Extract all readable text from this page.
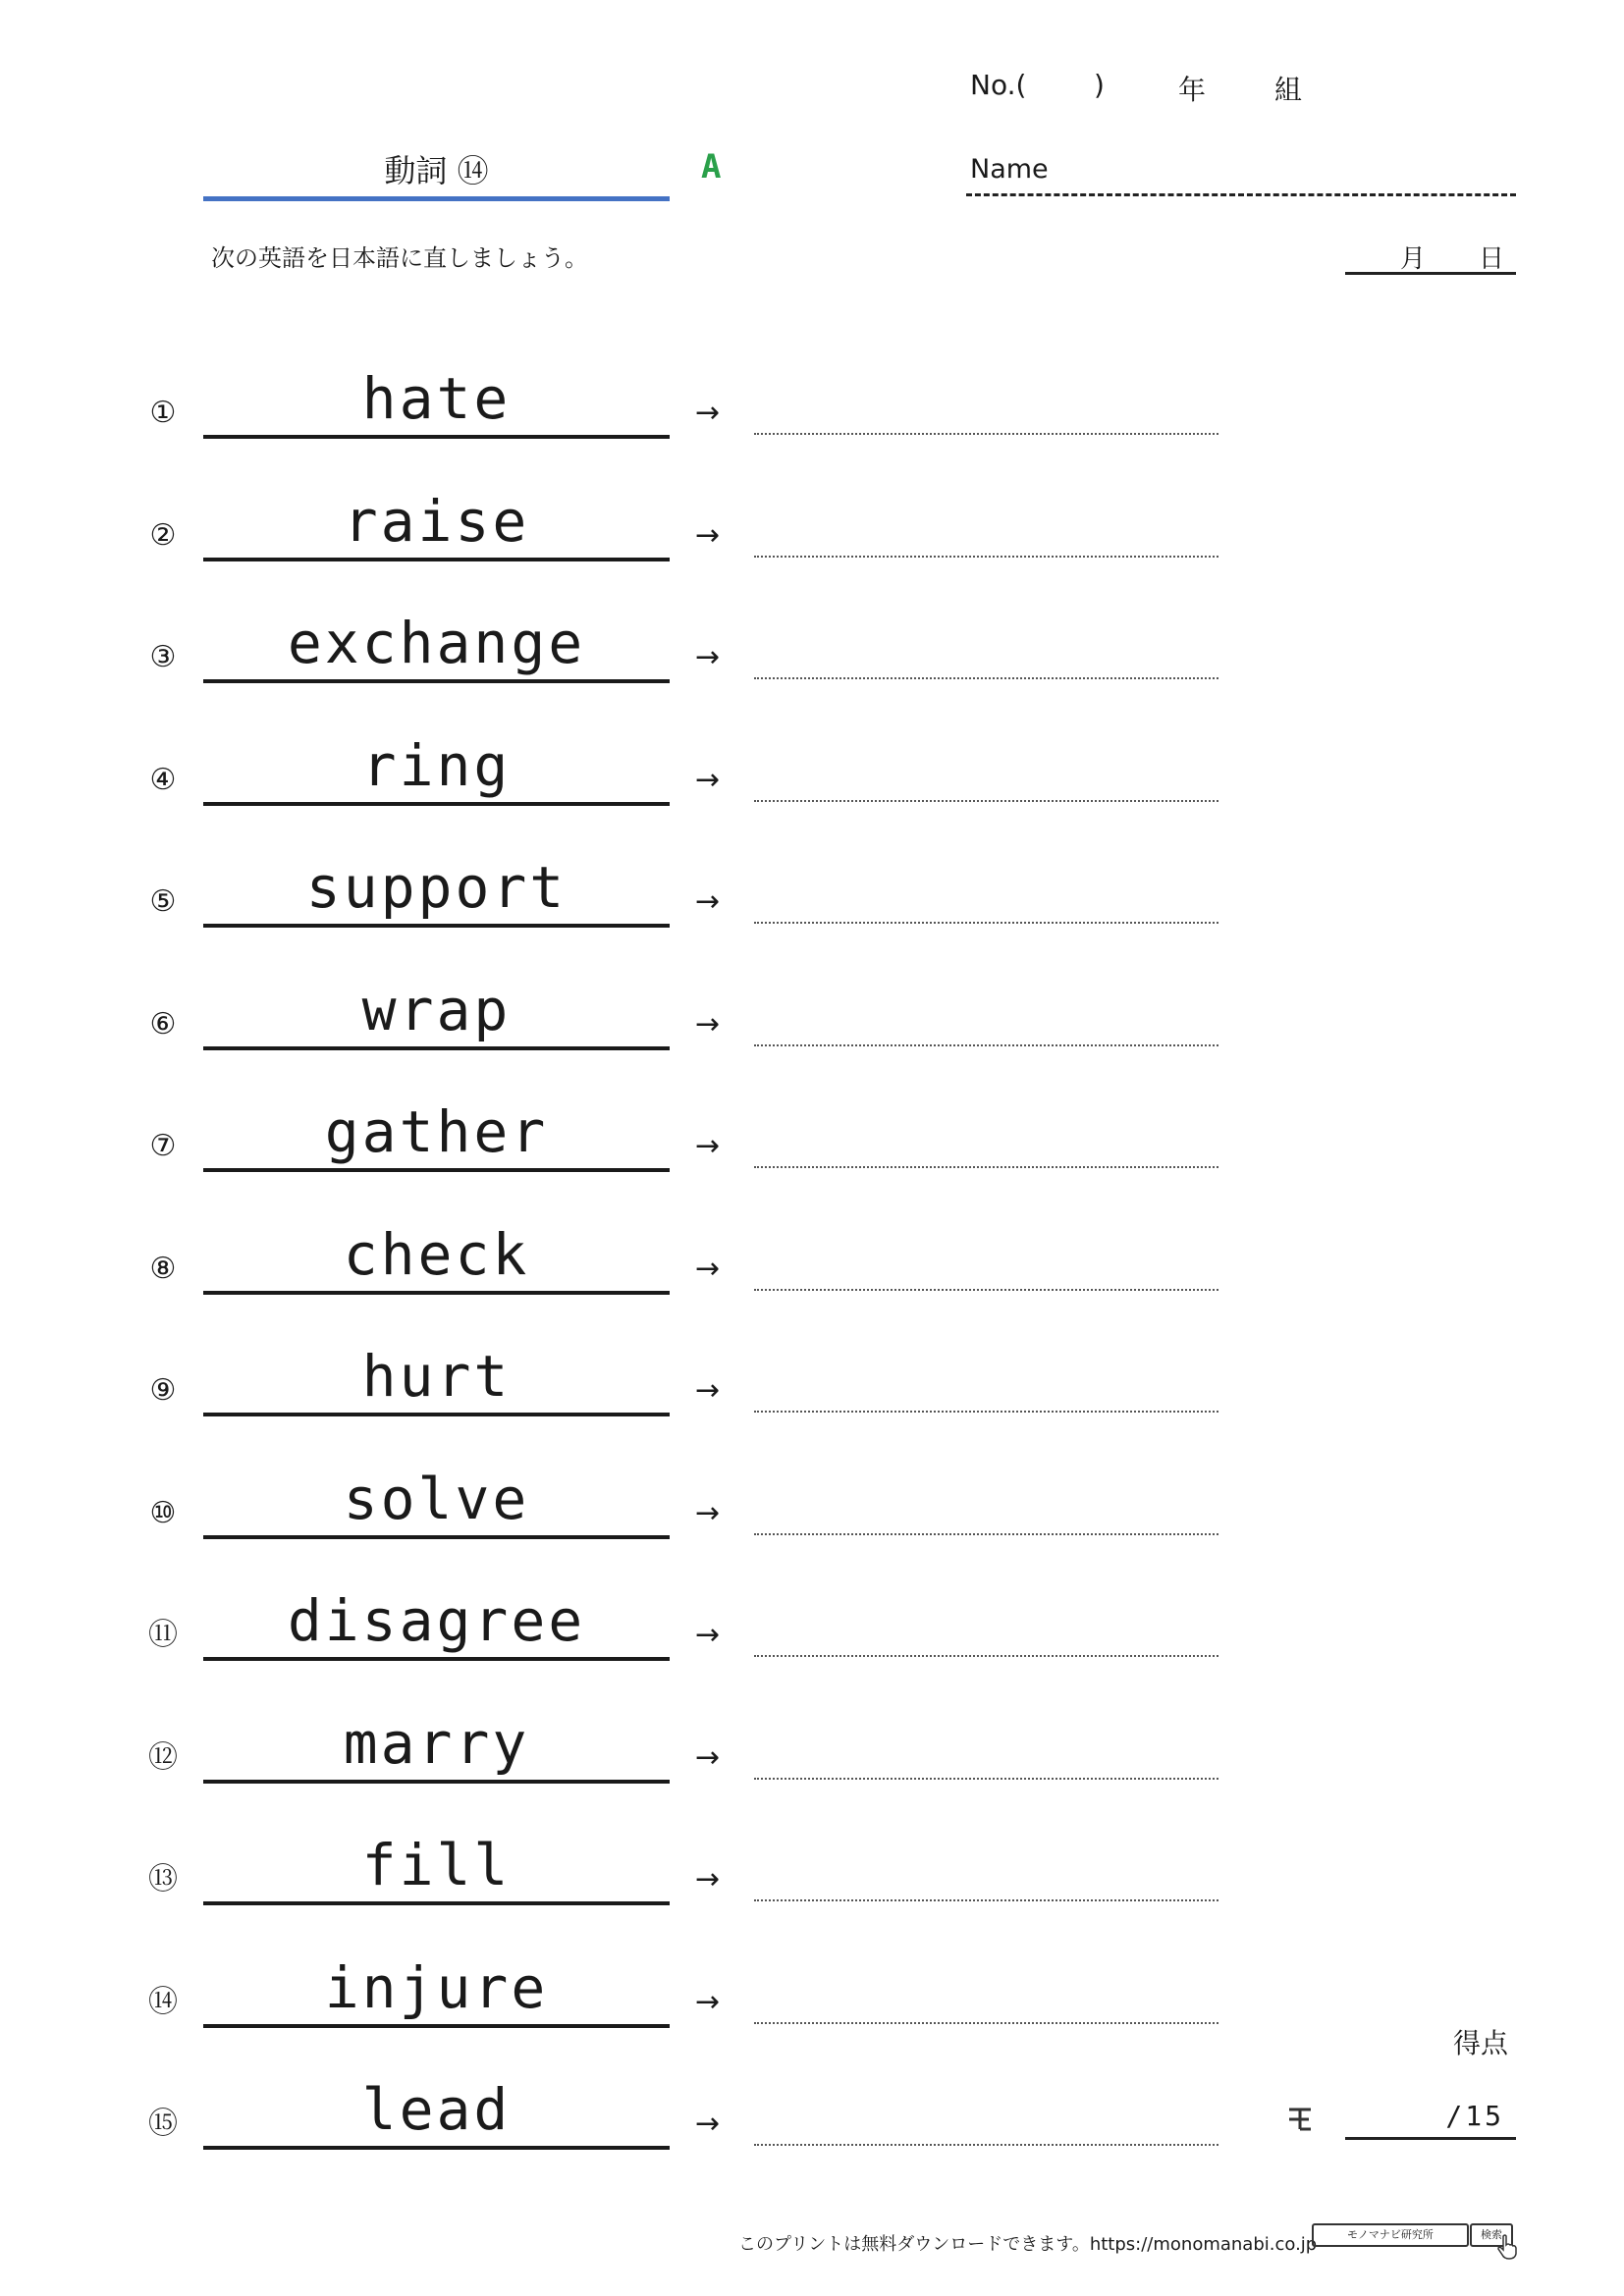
No.( )	年 組
動詞 ⑭	A	Name
次の英語を日本語に直しましょう。	月 日
①	hate	→
②	raise	→
③	exchange	→
④	ring	→
⑤	support	→
⑥	wrap	→
⑦	gather	→
⑧	check	→
⑨	hurt	→
⑩	solve	→
⑪	disagree	→
⑫	marry	→
⑬	fill	→
⑭	injure	→
⑮	lead	→
得点
/15
このプリントは無料ダウンロードできます。https://monomanabi.co.jp	モノマナビ研究所	検索
